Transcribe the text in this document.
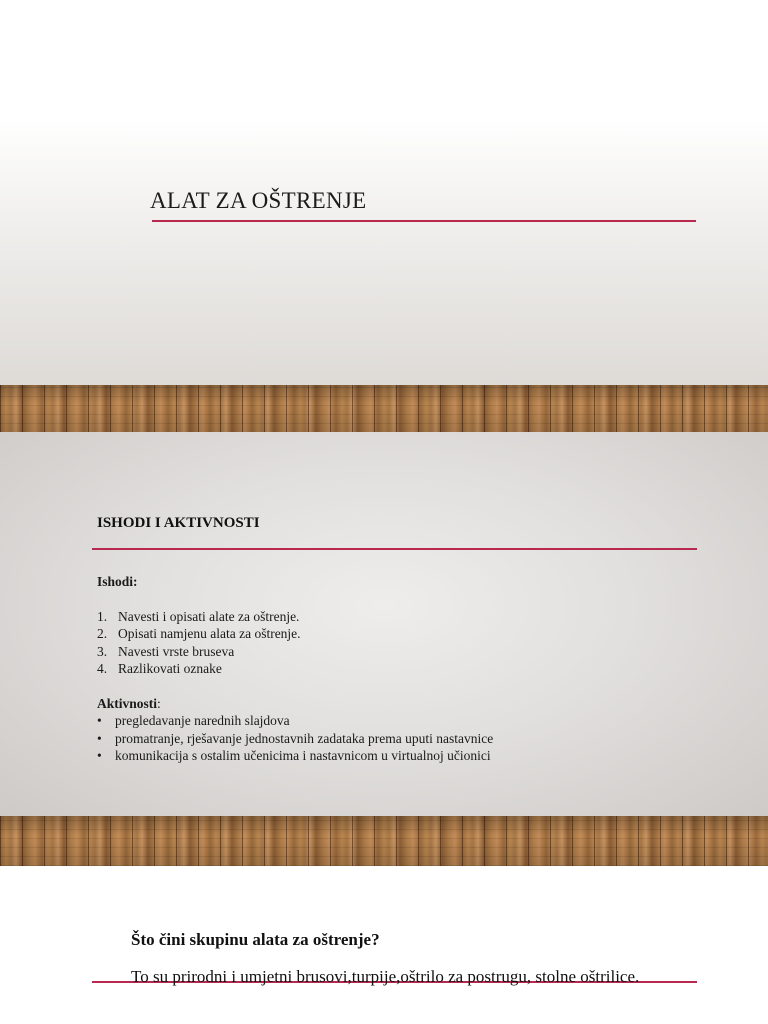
ALAT ZA OŠTRENJE
ISHODI I AKTIVNOSTI
Ishodi:
1. Navesti i opisati alate za oštrenje.
2. Opisati namjenu alata za oštrenje.
3. Navesti vrste bruseva
4. Razlikovati oznake
Aktivnosti:
• pregledavanje narednih slajdova
• promatranje, rješavanje jednostavnih zadataka prema uputi nastavnice
• komunikacija s ostalim učenicima i nastavnicom u virtualnoj učionici
Što čini skupinu alata za oštrenje?
To su prirodni i umjetni brusovi,turpije,oštrilo za postrugu, stolne oštrilice.
